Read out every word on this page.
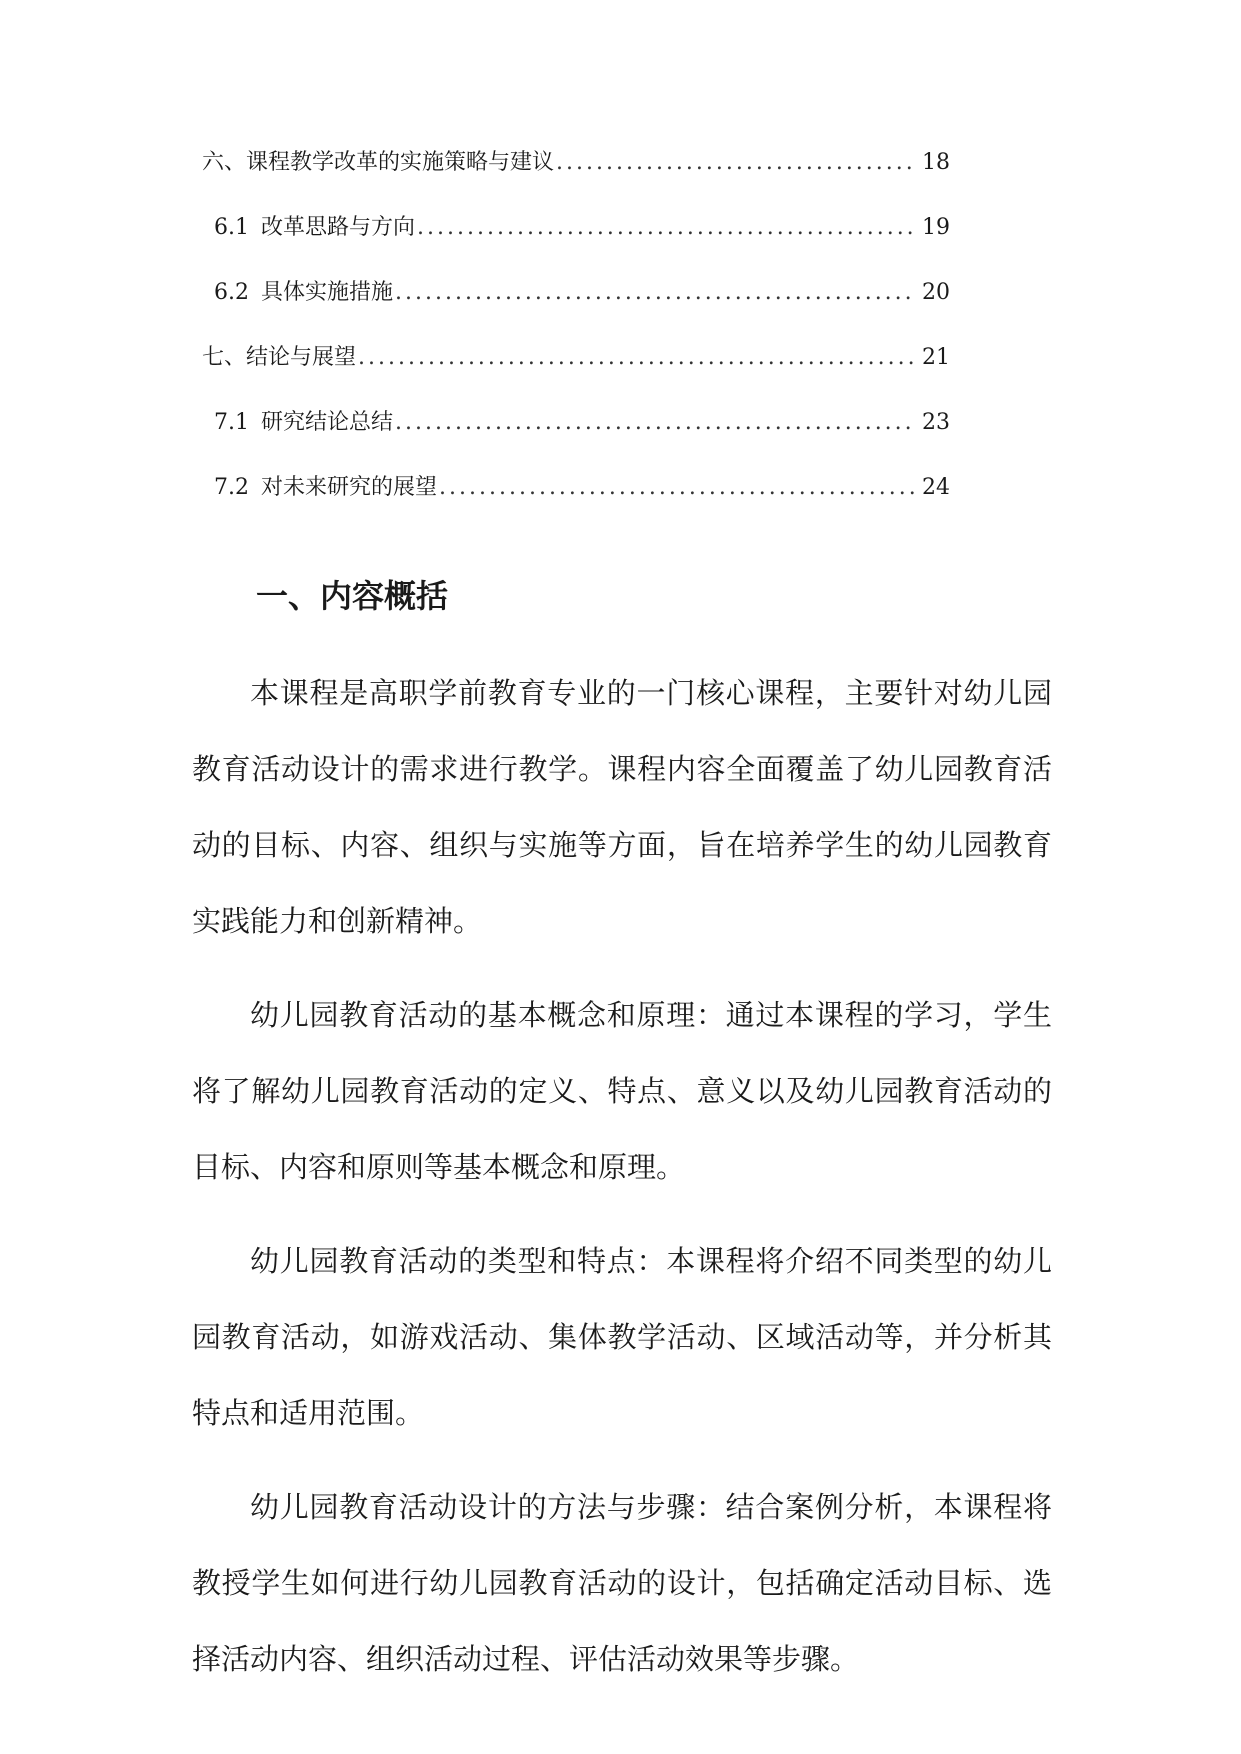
六、课程教学改革的实施策略与建议 .....	18
6.1 改革思路与方向 .....	19
6.2 具体实施措施 .....	20
七、结论与展望 .....	21
7.1 研究结论总结 .....	23
7.2 对未来研究的展望 .....	24
一、内容概括

本课程是高职学前教育专业的一门核心课程，主要针对幼儿园教育活动设计的需求进行教学。课程内容全面覆盖了幼儿园教育活动的目标、内容、组织与实施等方面，旨在培养学生的幼儿园教育实践能力和创新精神。

幼儿园教育活动的基本概念和原理：通过本课程的学习，学生将了解幼儿园教育活动的定义、特点、意义以及幼儿园教育活动的目标、内容和原则等基本概念和原理。

幼儿园教育活动的类型和特点：本课程将介绍不同类型的幼儿园教育活动，如游戏活动、集体教学活动、区域活动等，并分析其特点和适用范围。

幼儿园教育活动设计的方法与步骤：结合案例分析，本课程将教授学生如何进行幼儿园教育活动的设计，包括确定活动目标、选择活动内容、组织活动过程、评估活动效果等步骤。
